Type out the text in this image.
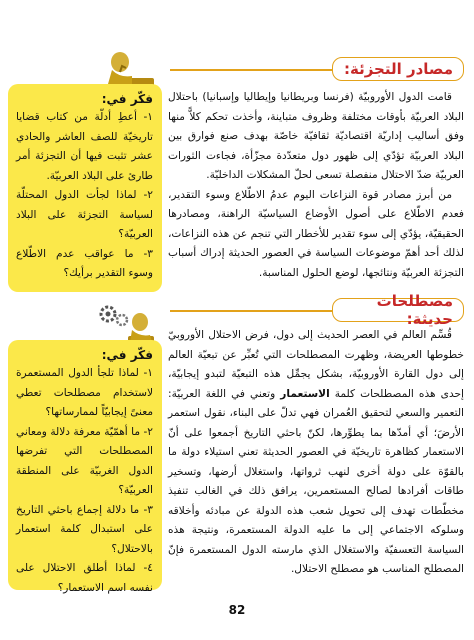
مصادر التجزئة:

قامت الدول الأوروبيّة (فرنسا وبريطانيا وإيطاليا وإسبانيا) باحتلال البلاد العربيّة بأوقات مختلفة وظروف متباينة، وأخذت تحكم كلاًّ منها وفق أساليب إداريّة اقتصاديّة ثقافيّة خاصّة بهدف صنع فوارق بين البلاد العربيّة تؤدّي إلى ظهور دول متعدّدة مجزّأة، فجاءت الثورات العربيّة ضدّ الاحتلال منفصلة تسعى لحلّ المشكلات الداخليّة.

من أبرز مصادر قوة النزاعات اليوم عدمُ الاطّلاع وسوء التقدير، فعدم الاطّلاع على أصول الأوضاع السياسيّة الراهنة، ومصادرها الحقيقيّة، يؤدّي إلى سوء تقدير للأخطار التي تنجم عن هذه النزاعات، لذلك أحد أهمّ موضوعات السياسة في العصور الحديثة إدراك أسباب التجزئة العربيّة ونتائجها، لوضع الحلول المناسبة.

فكّر في:
١- أعطِ أدلّة من كتاب قضايا تاريخيّة للصف العاشر والحادي عشر تثبت فيها أن التجزئة أمر طارئ على البلاد العربيّة.
٢- لماذا لجأت الدول المحتلّة لسياسة التجزئة على البلاد العربيّة؟
٣- ما عواقب عدم الاطّلاع وسوء التقدير برأيك؟
مصطلحات حديثة:

قُسِّم العالم في العصر الحديث إلى دول، فرض الاحتلال الأوروبيّ خطوطها العريضة، وظهرت المصطلحات التي تُعبِّر عن تبعيّة العالم إلى دول القارة الأوروبيّة، بشكل يجمِّل هذه التبعيّة لتبدو إيجابيّة، إحدى هذه المصطلحات كلمة الاستعمار وتعني في اللغة العربيّة: التعمير والسعي لتحقيق العُمران فهي تدلّ على البناء، نقول استعمر الأرضَ؛ أي أمدّها بما يطوِّرها، لكنّ باحثي التاريخ أجمعوا على أنّ الاستعمار كظاهرة تاريخيّة في العصور الحديثة تعني استيلاء دولة ما بالقوّة على دولة أخرى لنهب ثرواتها، واستغلال أرضها، وتسخير طاقات أفرادها لصالح المستعمرين، يرافق ذلك في الغالب تنفيذ مخطّطات تهدف إلى تحويل شعب هذه الدولة عن مبادئه وأخلاقه وسلوكه الاجتماعي إلى ما عليه الدولة المستعمرة، ونتيجة هذه السياسة التعسفيّة والاستغلال الذي مارسته الدول المستعمرة فإنّ المصطلح المناسب هو مصطلح الاحتلال.

فكّر في:
١- لماذا تلجأ الدول المستعمرة لاستخدام مصطلحات تعطي معنىً إيجابيّاً لممارساتها؟
٢- ما أهمّيّة معرفة دلالة ومعاني المصطلحات التي تفرضها الدول الغربيّة على المنطقة العربيّة؟
٣- ما دلالة إجماع باحثي التاريخ على استبدال كلمة استعمار بالاحتلال؟
٤- لماذا أطلق الاحتلال على نفسه اسم الاستعمار؟
82
